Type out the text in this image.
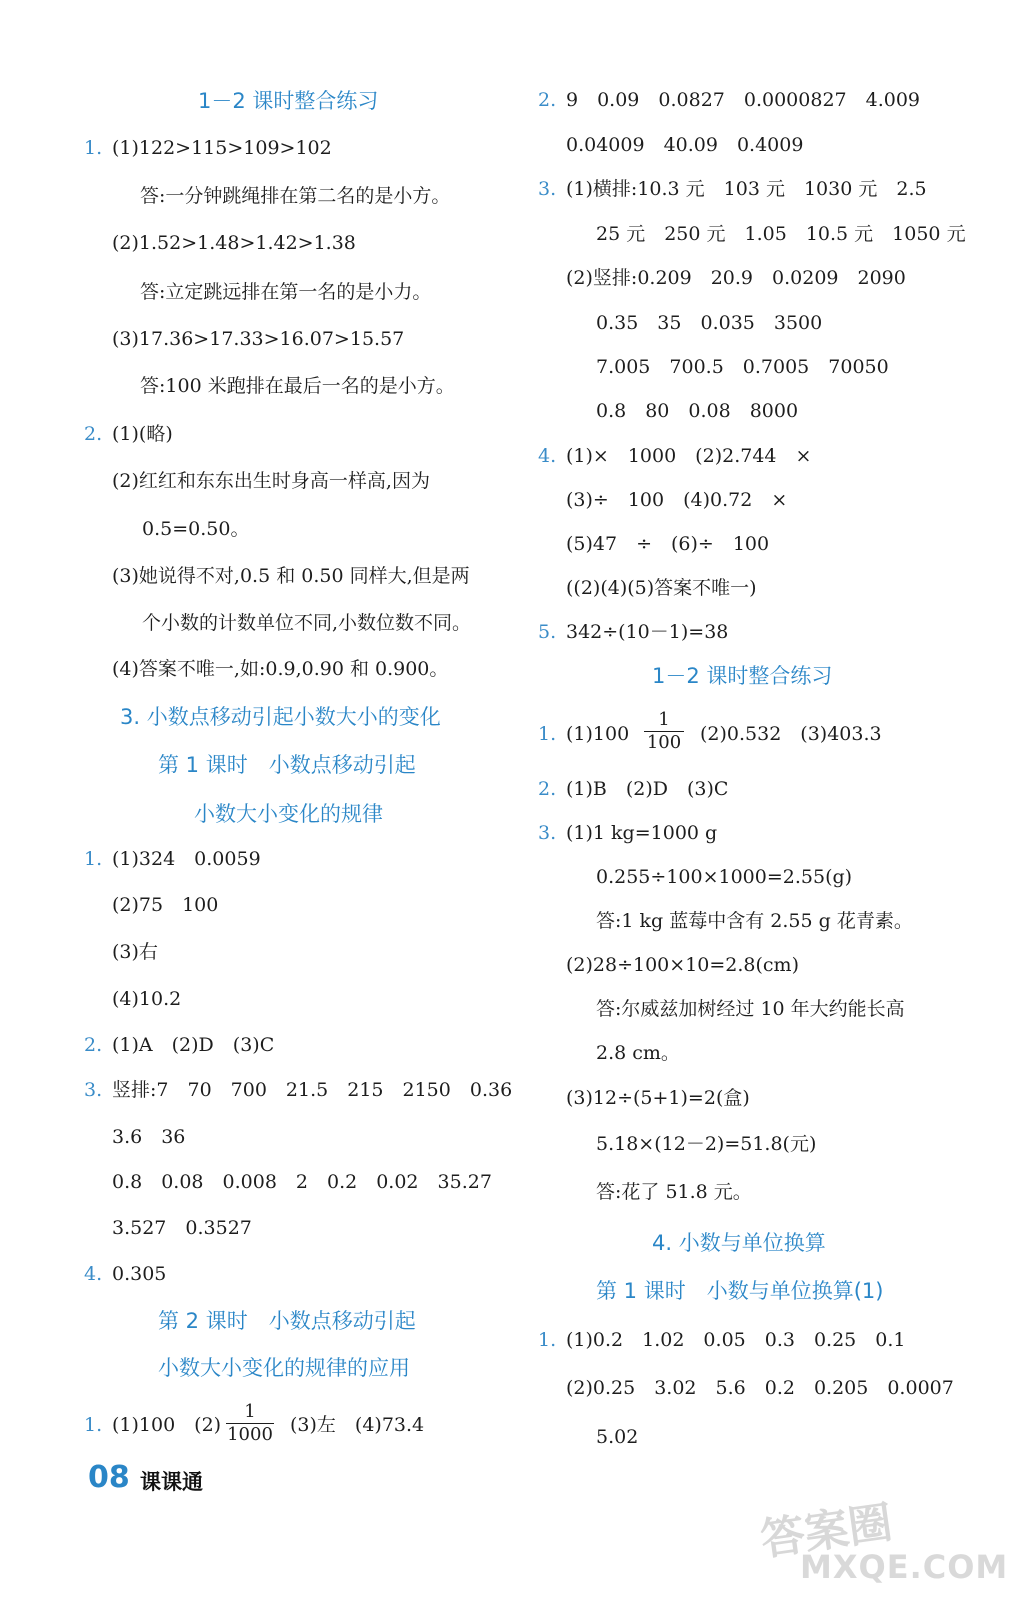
1－2 课时整合练习
1. (1)122>115>109>102
答:一分钟跳绳排在第二名的是小方。
(2)1.52>1.48>1.42>1.38
答:立定跳远排在第一名的是小力。
(3)17.36>17.33>16.07>15.57
答:100 米跑排在最后一名的是小方。
2. (1)(略)
(2)红红和东东出生时身高一样高,因为
0.5=0.50。
(3)她说得不对,0.5 和 0.50 同样大,但是两
个小数的计数单位不同,小数位数不同。
(4)答案不唯一,如:0.9,0.90 和 0.900。
3. 小数点移动引起小数大小的变化
第 1 课时　小数点移动引起
小数大小变化的规律
1. (1)324　0.0059
(2)75　100
(3)右
(4)10.2
2. (1)A　(2)D　(3)C
3. 竖排:7　70　700　21.5　215　2150　0.36
3.6　36
0.8　0.08　0.008　2　0.2　0.02　35.27
3.527　0.3527
4. 0.305
第 2 课时　小数点移动引起
小数大小变化的规律的应用
1. (1)100　(2)
1
1000 (3)左　(4)73.4
2. 9　0.09　0.0827　0.0000827　4.009
0.04009　40.09　0.4009
3. (1)横排:10.3 元　103 元　1030 元　2.5
25 元　250 元　1.05　10.5 元　1050 元
(2)竖排:0.209　20.9　0.0209　2090
0.35　35　0.035　3500
7.005　700.5　0.7005　70050
0.8　80　0.08　8000
4. (1)×　1000　(2)2.744　×
(3)÷　100　(4)0.72　×
(5)47　÷　(6)÷　100
((2)(4)(5)答案不唯一)
5. 342÷(10－1)=38
1－2 课时整合练习
1. (1)100
1
100 (2)0.532　(3)403.3
2. (1)B　(2)D　(3)C
3. (1)1 kg=1000 g
0.255÷100×1000=2.55(g)
答:1 kg 蓝莓中含有 2.55 g 花青素。
(2)28÷100×10=2.8(cm)
答:尔威兹加树经过 10 年大约能长高
2.8 cm。
(3)12÷(5+1)=2(盒)
5.18×(12－2)=51.8(元)
答:花了 51.8 元。
4. 小数与单位换算
第 1 课时　小数与单位换算(1)
1. (1)0.2　1.02　0.05　0.3　0.25　0.1
(2)0.25　3.02　5.6　0.2　0.205　0.0007
5.02
08 课课通
答案圈
MXQE.COM
